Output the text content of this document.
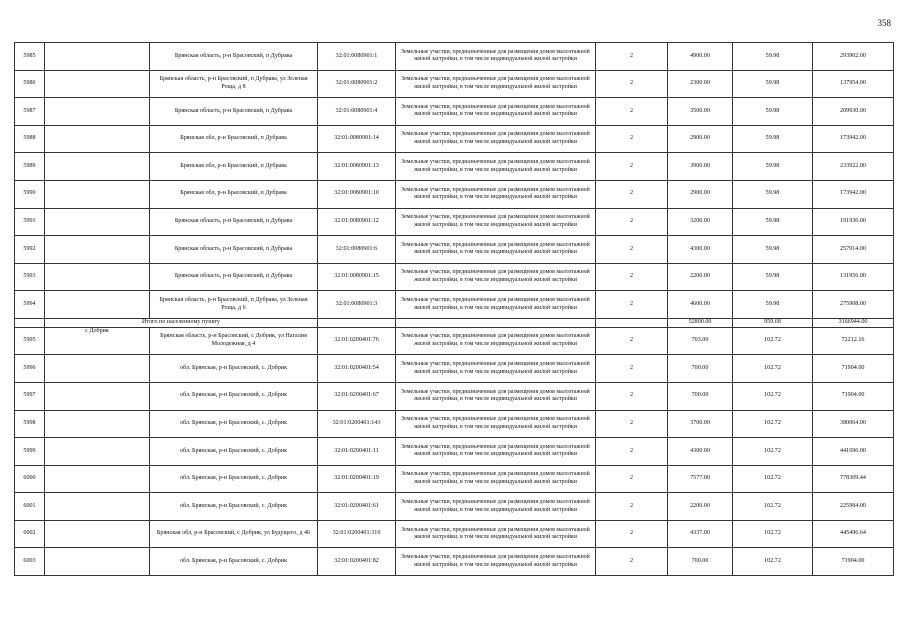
358
5985		Брянская область, р-н Брасовский, п Дубрава	32:01:0080901:1	Земельные участки, предназначенные для размещения домов малоэтажной жилой застройки, в том числе индивидуальной жилой застройки	2	4900.00	59.98	293902.00
5986		Брянская область, р-н Брасовский, п Дубрава, ул Зеленая Роща, д 8	32:01:0080901:2	Земельные участки, предназначенные для размещения домов малоэтажной жилой застройки, в том числе индивидуальной жилой застройки	2	2300.00	59.98	137954.00
5987		Брянская область, р-н Брасовский, п Дубрава	32:01:0080901:4	Земельные участки, предназначенные для размещения домов малоэтажной жилой застройки, в том числе индивидуальной жилой застройки	2	3500.00	59.98	209930.00
5988		Брянская обл, р-н Брасовский, п Дубрава	32:01:0080901:14	Земельные участки, предназначенные для размещения домов малоэтажной жилой застройки, в том числе индивидуальной жилой застройки	2	2900.00	59.98	173942.00
5989		Брянская обл, р-н Брасовский, п Дубрава	32:01:0080901:13	Земельные участки, предназначенные для размещения домов малоэтажной жилой застройки, в том числе индивидуальной жилой застройки	2	3900.00	59.98	233922.00
5990		Брянская обл, р-н Брасовский, п Дубрава	32:01:0080901:10	Земельные участки, предназначенные для размещения домов малоэтажной жилой застройки, в том числе индивидуальной жилой застройки	2	2900.00	59.98	173942.00
5991		Брянская область, р-н Брасовский, п Дубрава	32:01:0080901:12	Земельные участки, предназначенные для размещения домов малоэтажной жилой застройки, в том числе индивидуальной жилой застройки	2	3200.00	59.98	191936.00
5992		Брянская область, р-н Брасовский, п Дубрава	32:01:0080901:6	Земельные участки, предназначенные для размещения домов малоэтажной жилой застройки, в том числе индивидуальной жилой застройки	2	4300.00	59.98	257914.00
5993		Брянская область, р-н Брасовский, п Дубрава	32:01:0080901:15	Земельные участки, предназначенные для размещения домов малоэтажной жилой застройки, в том числе индивидуальной жилой застройки	2	2200.00	59.98	131956.00
5994		Брянская область, р-н Брасовский, п Дубрава, ул Зеленая Роща, д 6	32:01:0080901:3	Земельные участки, предназначенные для размещения домов малоэтажной жилой застройки, в том числе индивидуальной жилой застройки	2	4600.00	59.98	275908.00
	Итого по населенному пункту					52800.00	959.68	3166944.00
5995	с Добрик	Брянская область, р-н Брасовский, с Добрик, ул Нагалия Молодежная, д 4	32:01:0200401:76	Земельные участки, предназначенные для размещения домов малоэтажной жилой застройки, в том числе индивидуальной жилой застройки	2	703.00	102.72	72212.16
5996		обл. Брянская, р-н Брасовский, с. Добрик	32:01:0200401:54	Земельные участки, предназначенные для размещения домов малоэтажной жилой застройки, в том числе индивидуальной жилой застройки	2	700.00	102.72	71904.00
5997		обл. Брянская, р-н Брасовский, с. Добрик	32:01:0200401:67	Земельные участки, предназначенные для размещения домов малоэтажной жилой застройки, в том числе индивидуальной жилой застройки	2	700.00	102.72	71904.00
5998		обл. Брянская, р-н Брасовский, с. Добрик	32:01:0200401:143	Земельные участки, предназначенные для размещения домов малоэтажной жилой застройки, в том числе индивидуальной жилой застройки	2	3700.00	102.72	380064.00
5999		обл. Брянская, р-н Брасовский, с. Добрик	32:01:0200401:11	Земельные участки, предназначенные для размещения домов малоэтажной жилой застройки, в том числе индивидуальной жилой застройки	2	4300.00	102.72	441696.00
6000		обл. Брянская, р-н Брасовский, с. Добрик	32:01:0200401:19	Земельные участки, предназначенные для размещения домов малоэтажной жилой застройки, в том числе индивидуальной жилой застройки	2	7577.00	102.72	778309.44
6001		обл. Брянская, р-н Брасовский, с. Добрик	32:01:0200401:61	Земельные участки, предназначенные для размещения домов малоэтажной жилой застройки, в том числе индивидуальной жилой застройки	2	2200.00	102.72	225984.00
6002		Брянская обл, р-н Брасовский, с Добрик, ул Будущего, д 46	32:01:0200401:310	Земельные участки, предназначенные для размещения домов малоэтажной жилой застройки, в том числе индивидуальной жилой застройки	2	4337.00	102.72	445496.64
6003		обл. Брянская, р-н Брасовский, с. Добрик	32:01:0200401:82	Земельные участки, предназначенные для размещения домов малоэтажной жилой застройки, в том числе индивидуальной жилой застройки	2	700.00	102.72	71904.00
